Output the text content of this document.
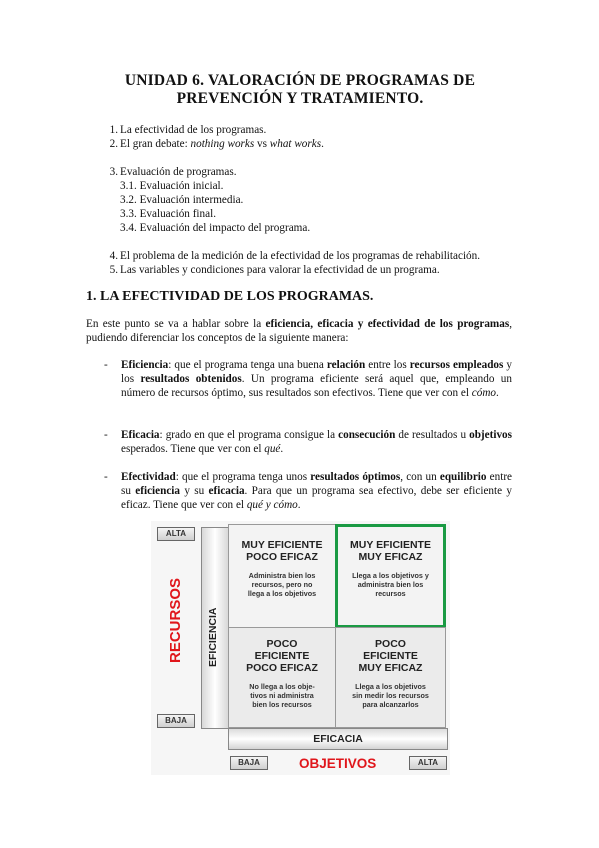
UNIDAD 6. VALORACIÓN DE PROGRAMAS DE PREVENCIÓN Y TRATAMIENTO.
1. La efectividad de los programas.
2. El gran debate: nothing works vs what works.
3. Evaluación de programas.
3.1. Evaluación inicial.
3.2. Evaluación intermedia.
3.3. Evaluación final.
3.4. Evaluación del impacto del programa.
4. El problema de la medición de la efectividad de los programas de rehabilitación.
5. Las variables y condiciones para valorar la efectividad de un programa.
1. LA EFECTIVIDAD DE LOS PROGRAMAS.
En este punto se va a hablar sobre la eficiencia, eficacia y efectividad de los programas, pudiendo diferenciar los conceptos de la siguiente manera:
- Eficiencia: que el programa tenga una buena relación entre los recursos empleados y los resultados obtenidos. Un programa eficiente será aquel que, empleando un número de recursos óptimo, sus resultados son efectivos. Tiene que ver con el cómo.
- Eficacia: grado en que el programa consigue la consecución de resultados u objetivos esperados. Tiene que ver con el qué.
- Efectividad: que el programa tenga unos resultados óptimos, con un equilibrio entre su eficiencia y su eficacia. Para que un programa sea efectivo, debe ser eficiente y eficaz. Tiene que ver con el qué y cómo.
ALTA
BAJA
BAJA	ALTA
RECURSOS
OBJETIVOS
EFICIENCIA
EFICACIA
MUY EFICIENTE
POCO EFICAZ
Administra bien los
recursos, pero no
llega a los objetivos
MUY EFICIENTE
MUY EFICAZ
Llega a los objetivos y
administra bien los
recursos
POCO
EFICIENTE
POCO EFICAZ
No llega a los obje-
tivos ni administra
bien los recursos
POCO
EFICIENTE
MUY EFICAZ
Llega a los objetivos
sin medir los recursos
para alcanzarlos
